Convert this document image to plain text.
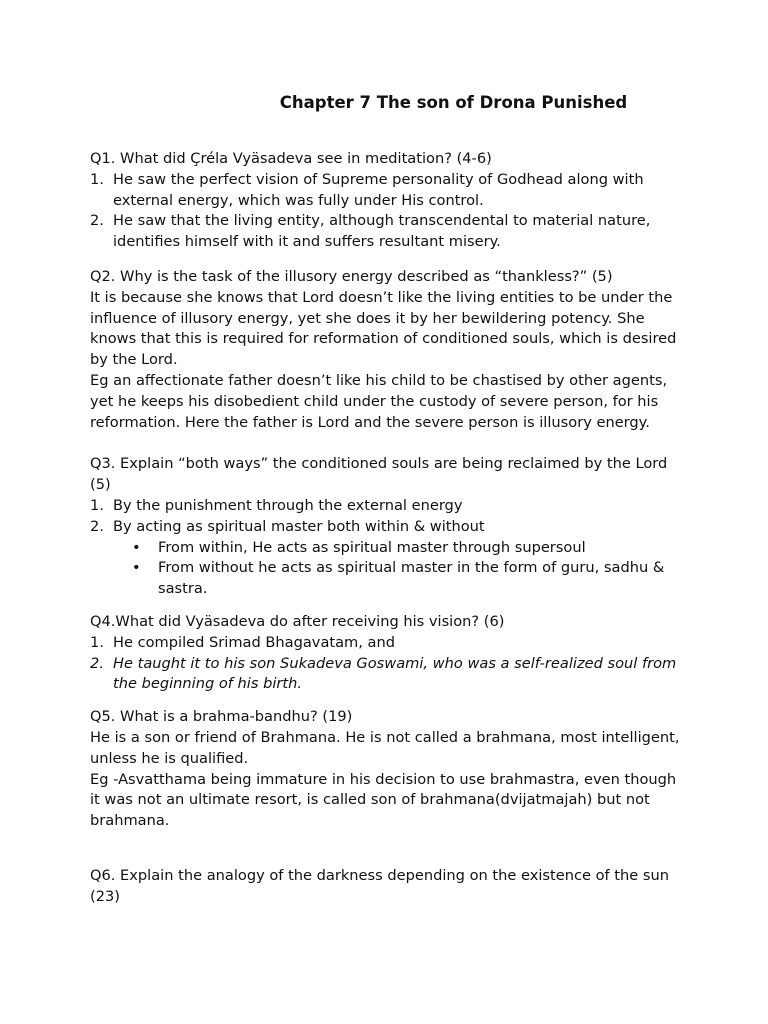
Chapter 7 The son of Drona Punished

Q1. What did Çréla Vyäsadeva see in meditation? (4-6)

1. He saw the perfect vision of Supreme personality of Godhead along with external energy, which was fully under His control.
2. He saw that the living entity, although transcendental to material nature, identifies himself with it and suffers resultant misery.

Q2. Why is the task of the illusory energy described as “thankless?” (5)

It is because she knows that Lord doesn’t like the living entities to be under the influence of illusory energy, yet she does it by her bewildering potency. She knows that this is required for reformation of conditioned souls, which is desired by the Lord.

Eg an affectionate father doesn’t like his child to be chastised by other agents, yet he keeps his disobedient child under the custody of severe person, for his reformation. Here the father is Lord and the severe person is illusory energy.

Q3. Explain “both ways” the conditioned souls are being reclaimed by the Lord (5)

1. By the punishment through the external energy
2. By acting as spiritual master both within & without
• From within, He acts as spiritual master through supersoul
• From without he acts as spiritual master in the form of guru, sadhu & sastra.

Q4.What did Vyäsadeva do after receiving his vision? (6)

1. He compiled Srimad Bhagavatam, and
2. He taught it to his son Sukadeva Goswami, who was a self-realized soul from the beginning of his birth.

Q5. What is a brahma-bandhu? (19)

He is a son or friend of Brahmana. He is not called a brahmana, most intelligent, unless he is qualified.

Eg -Asvatthama being immature in his decision to use brahmastra, even though it was not an ultimate resort, is called son of brahmana(dvijatmajah) but not brahmana.

Q6. Explain the analogy of the darkness depending on the existence of the sun (23)
